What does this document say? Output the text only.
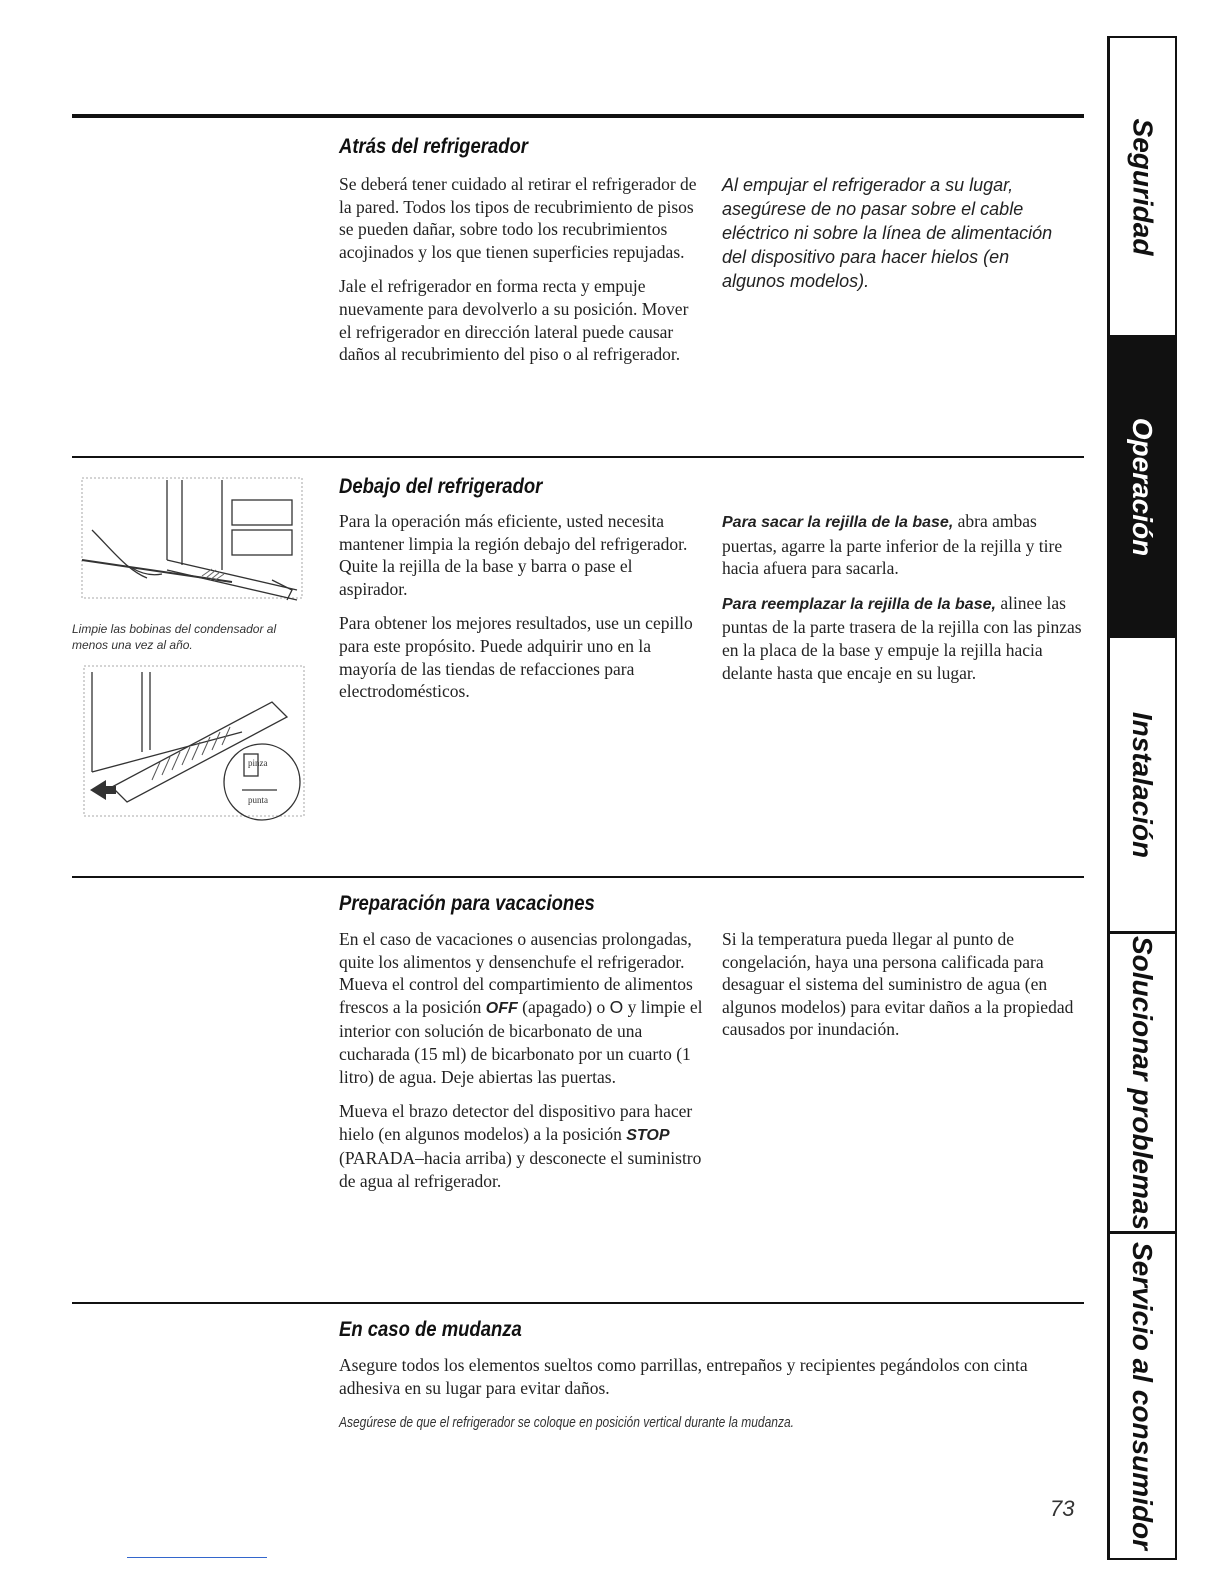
Atrás del refrigerador

Se deberá tener cuidado al retirar el refrigerador de la pared. Todos los tipos de recubrimiento de pisos se pueden dañar, sobre todo los recubrimientos acojinados y los que tienen superficies repujadas.

Jale el refrigerador en forma recta y empuje nuevamente para devolverlo a su posición. Mover el refrigerador en dirección lateral puede causar daños al recubrimiento del piso o al refrigerador.

Al empujar el refrigerador a su lugar, asegúrese de no pasar sobre el cable eléctrico ni sobre la línea de alimentación del dispositivo para hacer hielos (en algunos modelos).

Limpie las bobinas del condensador al menos una vez al año.
pinza
punta
Debajo del refrigerador

Para la operación más eficiente, usted necesita mantener limpia la región debajo del refrigerador. Quite la rejilla de la base y barra o pase el aspirador.

Para obtener los mejores resultados, use un cepillo para este propósito. Puede adquirir uno en la mayoría de las tiendas de refacciones para electrodomésticos.

Para sacar la rejilla de la base, abra ambas puertas, agarre la parte inferior de la rejilla y tire hacia afuera para sacarla.

Para reemplazar la rejilla de la base, alinee las puntas de la parte trasera de la rejilla con las pinzas en la placa de la base y empuje la rejilla hacia delante hasta que encaje en su lugar.

Preparación para vacaciones

En el caso de vacaciones o ausencias prolongadas, quite los alimentos y densenchufe el refrigerador. Mueva el control del compartimiento de alimentos frescos a la posición OFF (apagado) o O y limpie el interior con solución de bicarbonato de una cucharada (15 ml) de bicarbonato por un cuarto (1 litro) de agua. Deje abiertas las puertas.

Mueva el brazo detector del dispositivo para hacer hielo (en algunos modelos) a la posición STOP (PARADA–hacia arriba) y desconecte el suministro de agua al refrigerador.

Si la temperatura pueda llegar al punto de congelación, haya una persona calificada para desaguar el sistema del suministro de agua (en algunos modelos) para evitar daños a la propiedad causados por inundación.

En caso de mudanza

Asegure todos los elementos sueltos como parrillas, entrepaños y recipientes pegándolos con cinta adhesiva en su lugar para evitar daños.

Asegúrese de que el refrigerador se coloque en posición vertical durante la mudanza.
Seguridad
Operación
Instalación
Solucionar problemas
Servicio al consumidor
73
